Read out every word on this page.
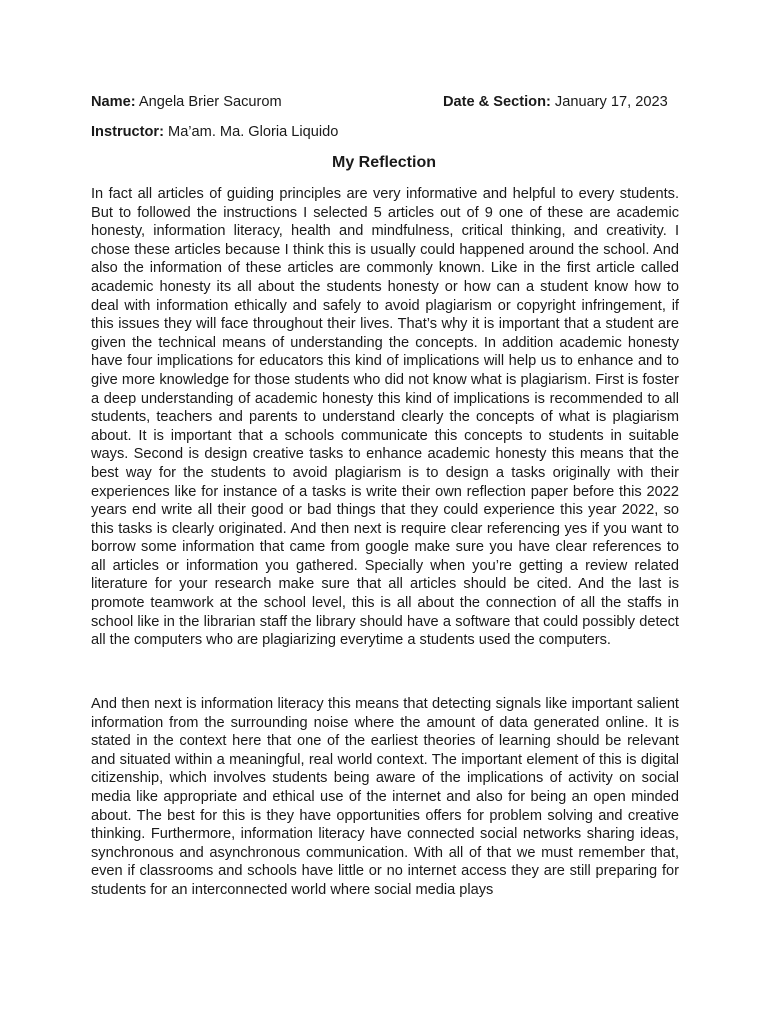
Name: Angela Brier Sacurom	Date & Section: January 17, 2023
Instructor: Ma’am. Ma. Gloria Liquido
My Reflection

In fact all articles of guiding principles are very informative and helpful to every students. But to followed the instructions I selected 5 articles out of 9 one of these are academic honesty, information literacy, health and mindfulness, critical thinking, and creativity. I chose these articles because I think this is usually could happened around the school. And also the information of these articles are commonly known. Like in the first article called academic honesty its all about the students honesty or how can a student know how to deal with information ethically and safely to avoid plagiarism or copyright infringement, if this issues they will face throughout their lives. That’s why it is important that a student are given the technical means of understanding the concepts. In addition academic honesty have four implications for educators this kind of implications will help us to enhance and to give more knowledge for those students who did not know what is plagiarism. First is foster a deep understanding of academic honesty this kind of implications is recommended to all students, teachers and parents to understand clearly the concepts of what is plagiarism about. It is important that a schools communicate this concepts to students in suitable ways. Second is design creative tasks to enhance academic honesty this means that the best way for the students to avoid plagiarism is to design a tasks originally with their experiences like for instance of a tasks is write their own reflection paper before this 2022 years end write all their good or bad things that they could experience this year 2022, so this tasks is clearly originated. And then next is require clear referencing yes if you want to borrow some information that came from google make sure you have clear references to all articles or information you gathered. Specially when you’re getting a review related literature for your research make sure that all articles should be cited. And the last is promote teamwork at the school level, this is all about the connection of all the staffs in school like in the librarian staff the library should have a software that could possibly detect all the computers who are plagiarizing everytime a students used the computers.

And then next is information literacy this means that detecting signals like important salient information from the surrounding noise where the amount of data generated online. It is stated in the context here that one of the earliest theories of learning should be relevant and situated within a meaningful, real world context. The important element of this is digital citizenship, which involves students being aware of the implications of activity on social media like appropriate and ethical use of the internet and also for being an open minded about. The best for this is they have opportunities offers for problem solving and creative thinking. Furthermore, information literacy have connected social networks sharing ideas, synchronous and asynchronous communication. With all of that we must remember that, even if classrooms and schools have little or no internet access they are still preparing for students for an interconnected world where social media plays
